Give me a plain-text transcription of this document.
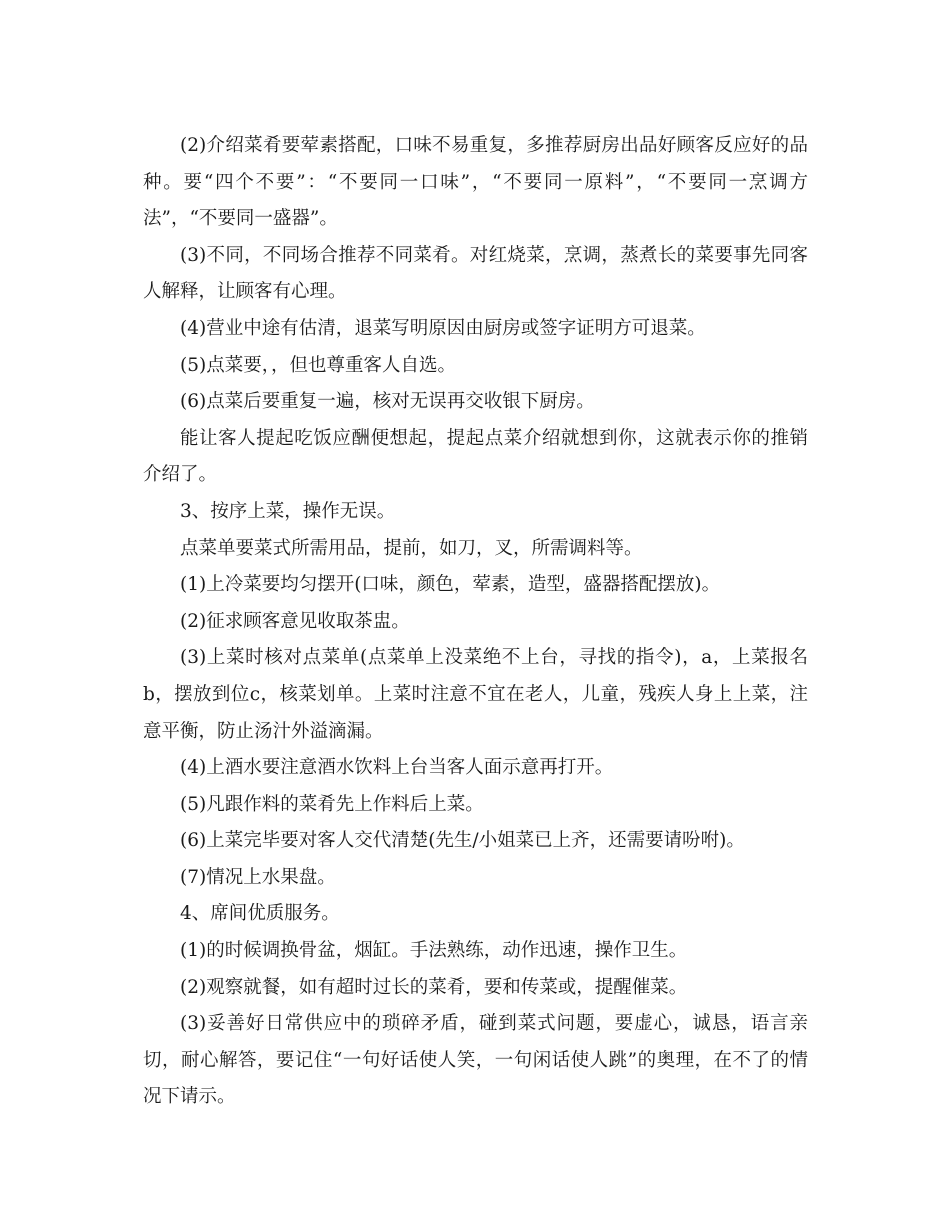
(2)介绍菜肴要荤素搭配，口味不易重复，多推荐厨房出品好顾客反应好的品种。要“四个不要”：“不要同一口味”，“不要同一原料”，“不要同一烹调方法”，“不要同一盛器”。

(3)不同，不同场合推荐不同菜肴。对红烧菜，烹调，蒸煮长的菜要事先同客人解释，让顾客有心理。

(4)营业中途有估清，退菜写明原因由厨房或签字证明方可退菜。

(5)点菜要，，但也尊重客人自选。

(6)点菜后要重复一遍，核对无误再交收银下厨房。

能让客人提起吃饭应酬便想起，提起点菜介绍就想到你，这就表示你的推销介绍了。

3、按序上菜，操作无误。

点菜单要菜式所需用品，提前，如刀，叉，所需调料等。

(1)上冷菜要均匀摆开(口味，颜色，荤素，造型，盛器搭配摆放)。

(2)征求顾客意见收取茶盅。

(3)上菜时核对点菜单(点菜单上没菜绝不上台，寻找的指令)，a，上菜报名b，摆放到位c，核菜划单。上菜时注意不宜在老人，儿童，残疾人身上上菜，注意平衡，防止汤汁外溢滴漏。

(4)上酒水要注意酒水饮料上台当客人面示意再打开。

(5)凡跟作料的菜肴先上作料后上菜。

(6)上菜完毕要对客人交代清楚(先生/小姐菜已上齐，还需要请吩咐)。

(7)情况上水果盘。

4、席间优质服务。

(1)的时候调换骨盆，烟缸。手法熟练，动作迅速，操作卫生。

(2)观察就餐，如有超时过长的菜肴，要和传菜或，提醒催菜。

(3)妥善好日常供应中的琐碎矛盾，碰到菜式问题，要虚心，诚恳，语言亲切，耐心解答，要记住“一句好话使人笑，一句闲话使人跳”的奥理，在不了的情况下请示。
